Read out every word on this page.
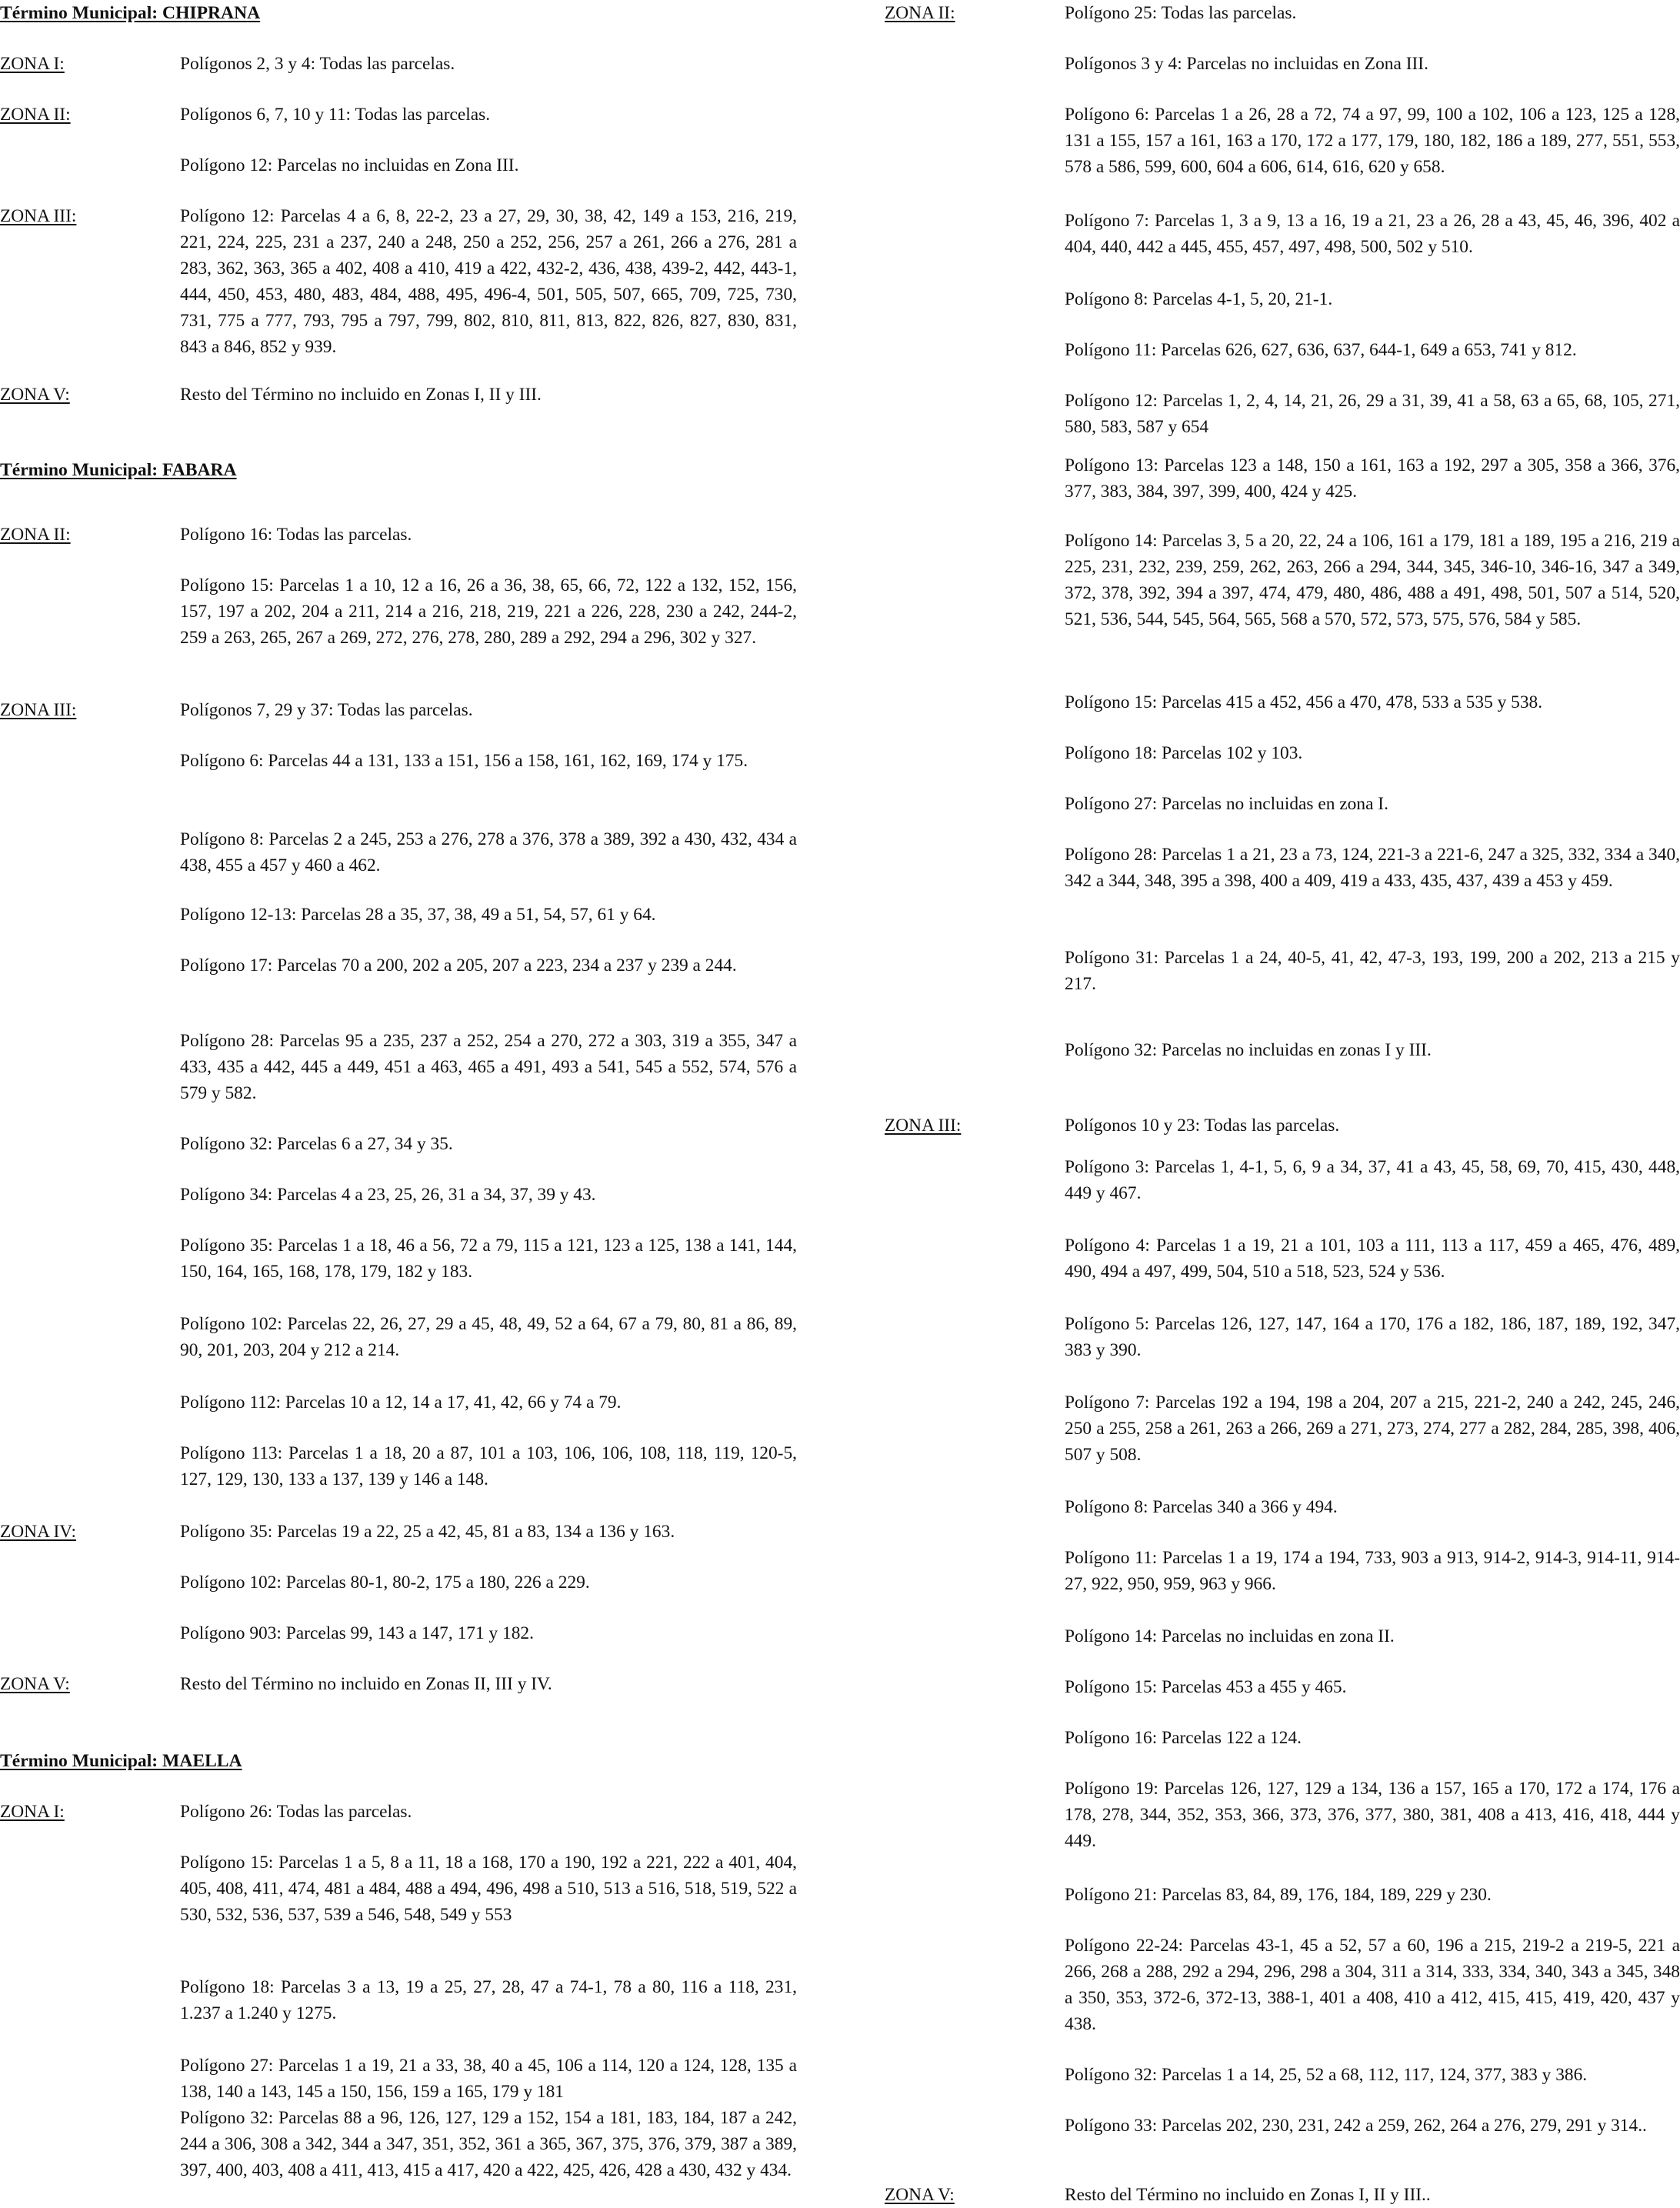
Término Municipal: CHIPRANA
ZONA I:	Polígonos 2, 3 y 4: Todas las parcelas.
ZONA II:	Polígonos 6, 7, 10 y 11: Todas las parcelas.
Polígono 12: Parcelas no incluidas en Zona III.
ZONA III:	Polígono 12: Parcelas 4 a 6, 8, 22-2, 23 a 27, 29, 30, 38, 42, 149 a 153, 216, 219, 221, 224, 225, 231 a 237, 240 a 248, 250 a 252, 256, 257 a 261, 266 a 276, 281 a 283, 362, 363, 365 a 402, 408 a 410, 419 a 422, 432-2, 436, 438, 439-2, 442, 443-1, 444, 450, 453, 480, 483, 484, 488, 495, 496-4, 501, 505, 507, 665, 709, 725, 730, 731, 775 a 777, 793, 795 a 797, 799, 802, 810, 811, 813, 822, 826, 827, 830, 831, 843 a 846, 852 y 939.
ZONA V:	Resto del Término no incluido en Zonas I, II y III.
Término Municipal: FABARA
ZONA II:	Polígono 16: Todas las parcelas.
Polígono 15: Parcelas 1 a 10, 12 a 16, 26 a 36, 38, 65, 66, 72, 122 a 132, 152, 156, 157, 197 a 202, 204 a 211, 214 a 216, 218, 219, 221 a 226, 228, 230 a 242, 244-2, 259 a 263, 265, 267 a 269, 272, 276, 278, 280, 289 a 292, 294 a 296, 302 y 327.
ZONA III:	Polígonos 7, 29 y 37: Todas las parcelas.
Polígono 6: Parcelas 44 a 131, 133 a 151, 156 a 158, 161, 162, 169, 174 y 175.
Polígono 8: Parcelas 2 a 245, 253 a 276, 278 a 376, 378 a 389, 392 a 430, 432, 434 a 438, 455 a 457 y 460 a 462.
Polígono 12-13: Parcelas 28 a 35, 37, 38, 49 a 51, 54, 57, 61 y 64.
Polígono 17: Parcelas 70 a 200, 202 a 205, 207 a 223, 234 a 237 y 239 a 244.
Polígono 28: Parcelas 95 a 235, 237 a 252, 254 a 270, 272 a 303, 319 a 355, 347 a 433, 435 a 442, 445 a 449, 451 a 463, 465 a 491, 493 a 541, 545 a 552, 574, 576 a 579 y 582.
Polígono 32: Parcelas 6 a 27, 34 y 35.
Polígono 34: Parcelas 4 a 23, 25, 26, 31 a 34, 37, 39 y 43.
Polígono 35: Parcelas 1 a 18, 46 a 56, 72 a 79, 115 a 121, 123 a 125, 138 a 141, 144, 150, 164, 165, 168, 178, 179, 182 y 183.
Polígono 102: Parcelas 22, 26, 27, 29 a 45, 48, 49, 52 a 64, 67 a 79, 80, 81 a 86, 89, 90, 201, 203, 204 y 212 a 214.
Polígono 112: Parcelas 10 a 12, 14 a 17, 41, 42, 66 y 74 a 79.
Polígono 113: Parcelas 1 a 18, 20 a 87, 101 a 103, 106, 106, 108, 118, 119, 120-5, 127, 129, 130, 133 a 137, 139 y 146 a 148.
ZONA IV:	Polígono 35: Parcelas 19 a 22, 25 a 42, 45, 81 a 83, 134 a 136 y 163.
Polígono 102: Parcelas 80-1, 80-2, 175 a 180, 226 a 229.
Polígono 903: Parcelas 99, 143 a 147, 171 y 182.
ZONA V:	Resto del Término no incluido en Zonas II, III y IV.
Término Municipal: MAELLA
ZONA I:	Polígono 26: Todas las parcelas.
Polígono 15: Parcelas 1 a 5, 8 a 11, 18 a 168, 170 a 190, 192 a 221, 222 a 401, 404, 405, 408, 411, 474, 481 a 484, 488 a 494, 496, 498 a 510, 513 a 516, 518, 519, 522 a 530, 532, 536, 537, 539 a 546, 548, 549 y 553
Polígono 18: Parcelas 3 a 13, 19 a 25, 27, 28, 47 a 74-1, 78 a 80, 116 a 118, 231, 1.237 a 1.240 y 1275.
Polígono 27: Parcelas 1 a 19, 21 a 33, 38, 40 a 45, 106 a 114, 120 a 124, 128, 135 a 138, 140 a 143, 145 a 150, 156, 159 a 165, 179 y 181
Polígono 32: Parcelas 88 a 96, 126, 127, 129 a 152, 154 a 181, 183, 184, 187 a 242, 244 a 306, 308 a 342, 344 a 347, 351, 352, 361 a 365, 367, 375, 376, 379, 387 a 389, 397, 400, 403, 408 a 411, 413, 415 a 417, 420 a 422, 425, 426, 428 a 430, 432 y 434.
ZONA II:	Polígono 25: Todas las parcelas.
Polígonos 3 y 4: Parcelas no incluidas en Zona III.
Polígono 6: Parcelas 1 a 26, 28 a 72, 74 a 97, 99, 100 a 102, 106 a 123, 125 a 128, 131 a 155, 157 a 161, 163 a 170, 172 a 177, 179, 180, 182, 186 a 189, 277, 551, 553, 578 a 586, 599, 600, 604 a 606, 614, 616, 620 y 658.
Polígono 7: Parcelas 1, 3 a 9, 13 a 16, 19 a 21, 23 a 26, 28 a 43, 45, 46, 396, 402 a 404, 440, 442 a 445, 455, 457, 497, 498, 500, 502 y 510.
Polígono 8: Parcelas 4-1, 5, 20, 21-1.
Polígono 11: Parcelas 626, 627, 636, 637, 644-1, 649 a 653, 741 y 812.
Polígono 12: Parcelas 1, 2, 4, 14, 21, 26, 29 a 31, 39, 41 a 58, 63 a 65, 68, 105, 271, 580, 583, 587 y 654
Polígono 13: Parcelas 123 a 148, 150 a 161, 163 a 192, 297 a 305, 358 a 366, 376, 377, 383, 384, 397, 399, 400, 424 y 425.
Polígono 14: Parcelas 3, 5 a 20, 22, 24 a 106, 161 a 179, 181 a 189, 195 a 216, 219 a 225, 231, 232, 239, 259, 262, 263, 266 a 294, 344, 345, 346-10, 346-16, 347 a 349, 372, 378, 392, 394 a 397, 474, 479, 480, 486, 488 a 491, 498, 501, 507 a 514, 520, 521, 536, 544, 545, 564, 565, 568 a 570, 572, 573, 575, 576, 584 y 585.
Polígono 15: Parcelas 415 a 452, 456 a 470, 478, 533 a 535 y 538.
Polígono 18: Parcelas 102 y 103.
Polígono 27: Parcelas no incluidas en zona I.
Polígono 28: Parcelas 1 a 21, 23 a 73, 124, 221-3 a 221-6, 247 a 325, 332, 334 a 340, 342 a 344, 348, 395 a 398, 400 a 409, 419 a 433, 435, 437, 439 a 453 y 459.
Polígono 31: Parcelas 1 a 24, 40-5, 41, 42, 47-3, 193, 199, 200 a 202, 213 a 215 y 217.
Polígono 32: Parcelas no incluidas en zonas I y III.
ZONA III:	Polígonos 10 y 23: Todas las parcelas.
Polígono 3: Parcelas 1, 4-1, 5, 6, 9 a 34, 37, 41 a 43, 45, 58, 69, 70, 415, 430, 448, 449 y 467.
Polígono 4: Parcelas 1 a 19, 21 a 101, 103 a 111, 113 a 117, 459 a 465, 476, 489, 490, 494 a 497, 499, 504, 510 a 518, 523, 524 y 536.
Polígono 5: Parcelas 126, 127, 147, 164 a 170, 176 a 182, 186, 187, 189, 192, 347, 383 y 390.
Polígono 7: Parcelas 192 a 194, 198 a 204, 207 a 215, 221-2, 240 a 242, 245, 246, 250 a 255, 258 a 261, 263 a 266, 269 a 271, 273, 274, 277 a 282, 284, 285, 398, 406, 507 y 508.
Polígono 8: Parcelas 340 a 366 y 494.
Polígono 11: Parcelas 1 a 19, 174 a 194, 733, 903 a 913, 914-2, 914-3, 914-11, 914-27, 922, 950, 959, 963 y 966.
Polígono 14: Parcelas no incluidas en zona II.
Polígono 15: Parcelas 453 a 455 y 465.
Polígono 16: Parcelas 122 a 124.
Polígono 19: Parcelas 126, 127, 129 a 134, 136 a 157, 165 a 170, 172 a 174, 176 a 178, 278, 344, 352, 353, 366, 373, 376, 377, 380, 381, 408 a 413, 416, 418, 444 y 449.
Polígono 21: Parcelas 83, 84, 89, 176, 184, 189, 229 y 230.
Polígono 22-24: Parcelas 43-1, 45 a 52, 57 a 60, 196 a 215, 219-2 a 219-5, 221 a 266, 268 a 288, 292 a 294, 296, 298 a 304, 311 a 314, 333, 334, 340, 343 a 345, 348 a 350, 353, 372-6, 372-13, 388-1, 401 a 408, 410 a 412, 415, 415, 419, 420, 437 y 438.
Polígono 32: Parcelas 1 a 14, 25, 52 a 68, 112, 117, 124, 377, 383 y 386.
Polígono 33: Parcelas 202, 230, 231, 242 a 259, 262, 264 a 276, 279, 291 y 314..
ZONA V:	Resto del Término no incluido en Zonas I, II y III..
